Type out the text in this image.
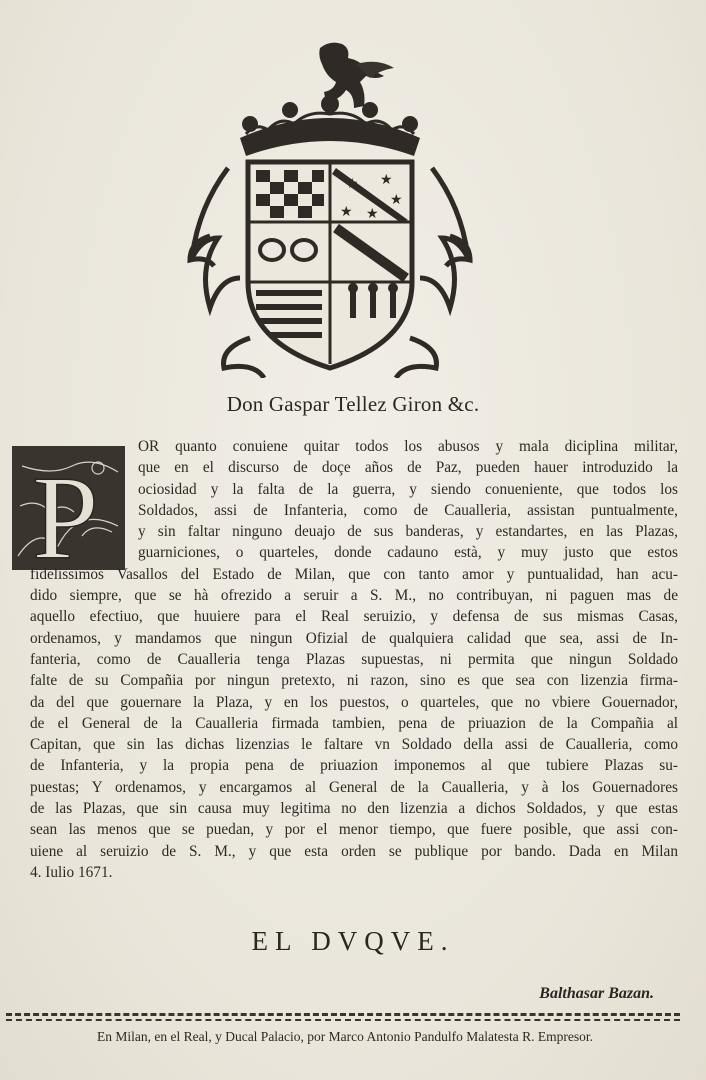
★ ★
★
★ ★
Don Gaspar Tellez Giron &c.
P
OR quanto conuiene quitar todos los abusos y mala diciplina militar,
que en el discurso de doçe años de Paz, pueden hauer introduzido la
ociosidad y la falta de la guerra, y siendo conueniente, que todos los
Soldados, assi de Infanteria, como de Caualleria, assistan puntualmente,
y sin faltar ninguno deuajo de sus banderas, y estandartes, en las Plazas,
guarniciones, o quarteles, donde cadauno està, y muy justo que estos
fidelissimos Vasallos del Estado de Milan, que con tanto amor y puntualidad, han acu-
dido siempre, que se hà ofrezido a seruir a S. M., no contribuyan, ni paguen mas de
aquello efectiuo, que huuiere para el Real seruizio, y defensa de sus mismas Casas,
ordenamos, y mandamos que ningun Ofizial de qualquiera calidad que sea, assi de In-
fanteria, como de Caualleria tenga Plazas supuestas, ni permita que ningun Soldado
falte de su Compañia por ningun pretexto, ni razon, sino es que sea con lizenzia firma-
da del que gouernare la Plaza, y en los puestos, o quarteles, que no vbiere Gouernador,
de el General de la Caualleria firmada tambien, pena de priuazion de la Compañia al
Capitan, que sin las dichas lizenzias le faltare vn Soldado della assi de Caualleria, como
de Infanteria, y la propia pena de priuazion imponemos al que tubiere Plazas su-
puestas; Y ordenamos, y encargamos al General de la Caualleria, y à los Gouernadores
de las Plazas, que sin causa muy legitima no den lizenzia a dichos Soldados, y que estas
sean las menos que se puedan, y por el menor tiempo, que fuere posible, que assi con-
uiene al seruizio de S. M., y que esta orden se publique por bando. Dada en Milan
4. Iulio 1671.
EL DVQVE.
Balthasar Bazan.
En Milan, en el Real, y Ducal Palacio, por Marco Antonio Pandulfo Malatesta R. Empresor.
